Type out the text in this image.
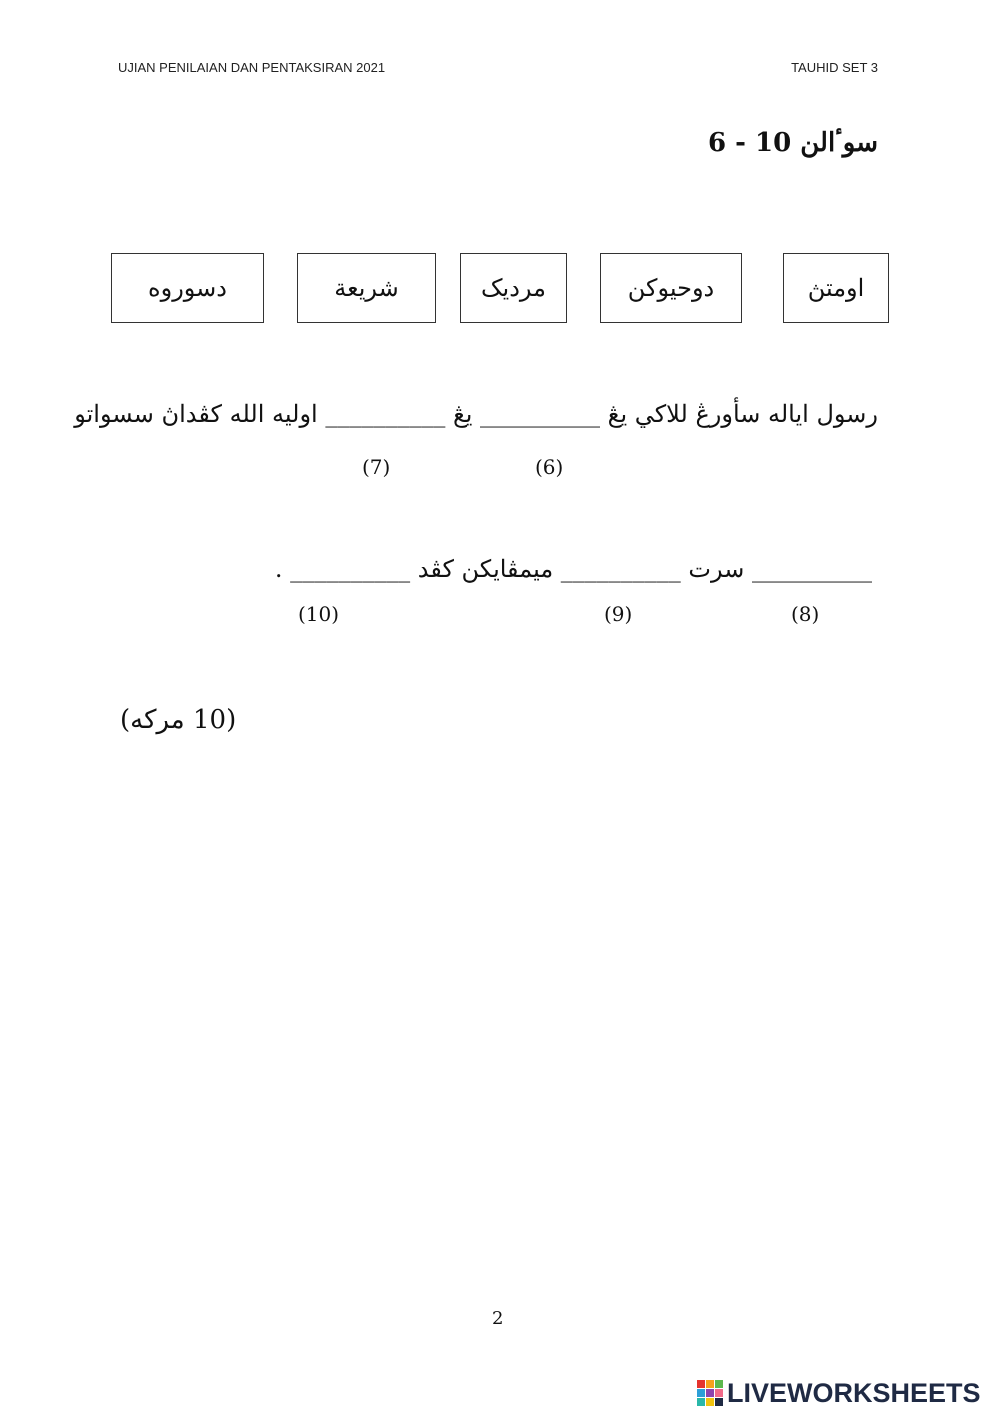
UJIAN PENILAIAN DAN PENTAKSIRAN 2021	TAUHID SET 3
سوٴالن 10 - 6
اومتڽ
دوحيوكن
مرديک
شريعة
دسوروه
رسول اياله سأورڠ للاکي يڠ __________ يڠ __________ اوليه الله کڤداڽ سسواتو
(6)
(7)
__________ سرت __________ ميمڤايكن کڤد __________ .
(8)
(9)
(10)
(10 مرکه)
2
LIVEWORKSHEETS
